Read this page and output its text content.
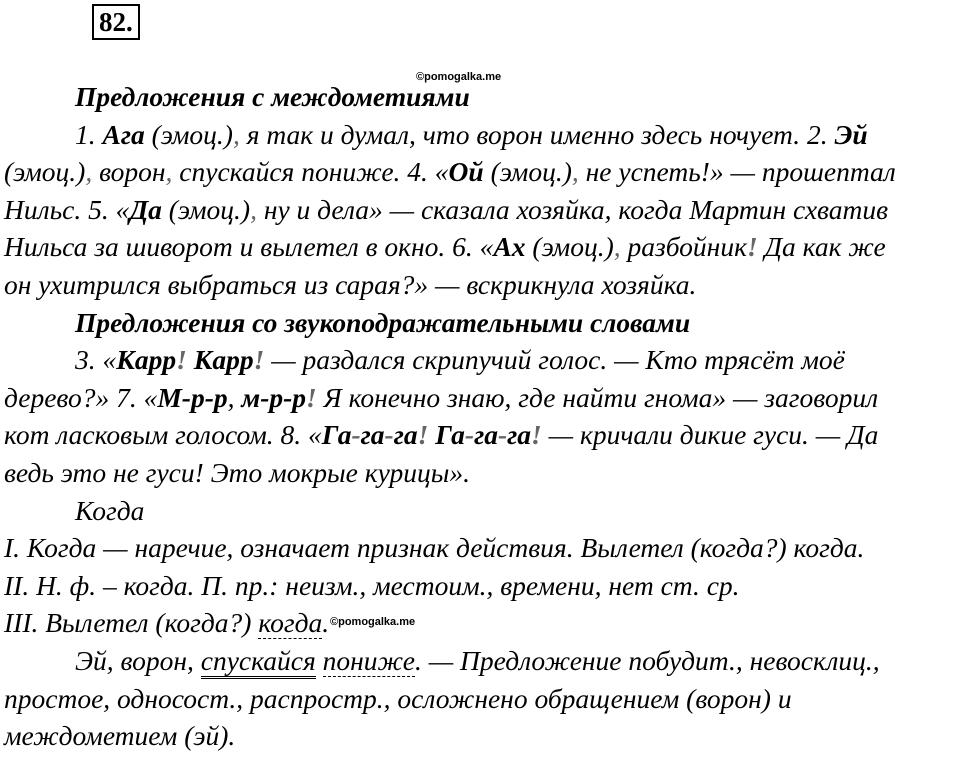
82.
©pomogalka.me
©pomogalka.me
Предложения с междометиями
1. Ага (эмоц.), я так и думал, что ворон именно здесь ночует. 2. Эй
(эмоц.), ворон, спускайся пониже. 4. «Ой (эмоц.), не успеть!» — прошептал
Нильс. 5. «Да (эмоц.), ну и дела» — сказала хозяйка, когда Мартин схватив
Нильса за шиворот и вылетел в окно. 6. «Ах (эмоц.), разбойник! Да как же
он ухитрился выбраться из сарая?» — вскрикнула хозяйка.
Предложения со звукоподражательными словами
3. «Карр! Карр! — раздался скрипучий голос. — Кто трясёт моё
дерево?» 7. «М-р-р, м-р-р! Я конечно знаю, где найти гнома» — заговорил
кот ласковым голосом. 8. «Га-га-га! Га-га-га! — кричали дикие гуси. — Да
ведь это не гуси! Это мокрые курицы».
Когда
I. Когда — наречие, означает признак действия. Вылетел (когда?) когда.
II. Н. ф. – когда. П. пр.: неизм., местоим., времени, нет ст. ср.
III. Вылетел (когда?) когда.
Эй, ворон, спускайся пониже. — Предложение побудит., невосклиц.,
простое, односост., распростр., осложнено обращением (ворон) и
междометием (эй).
